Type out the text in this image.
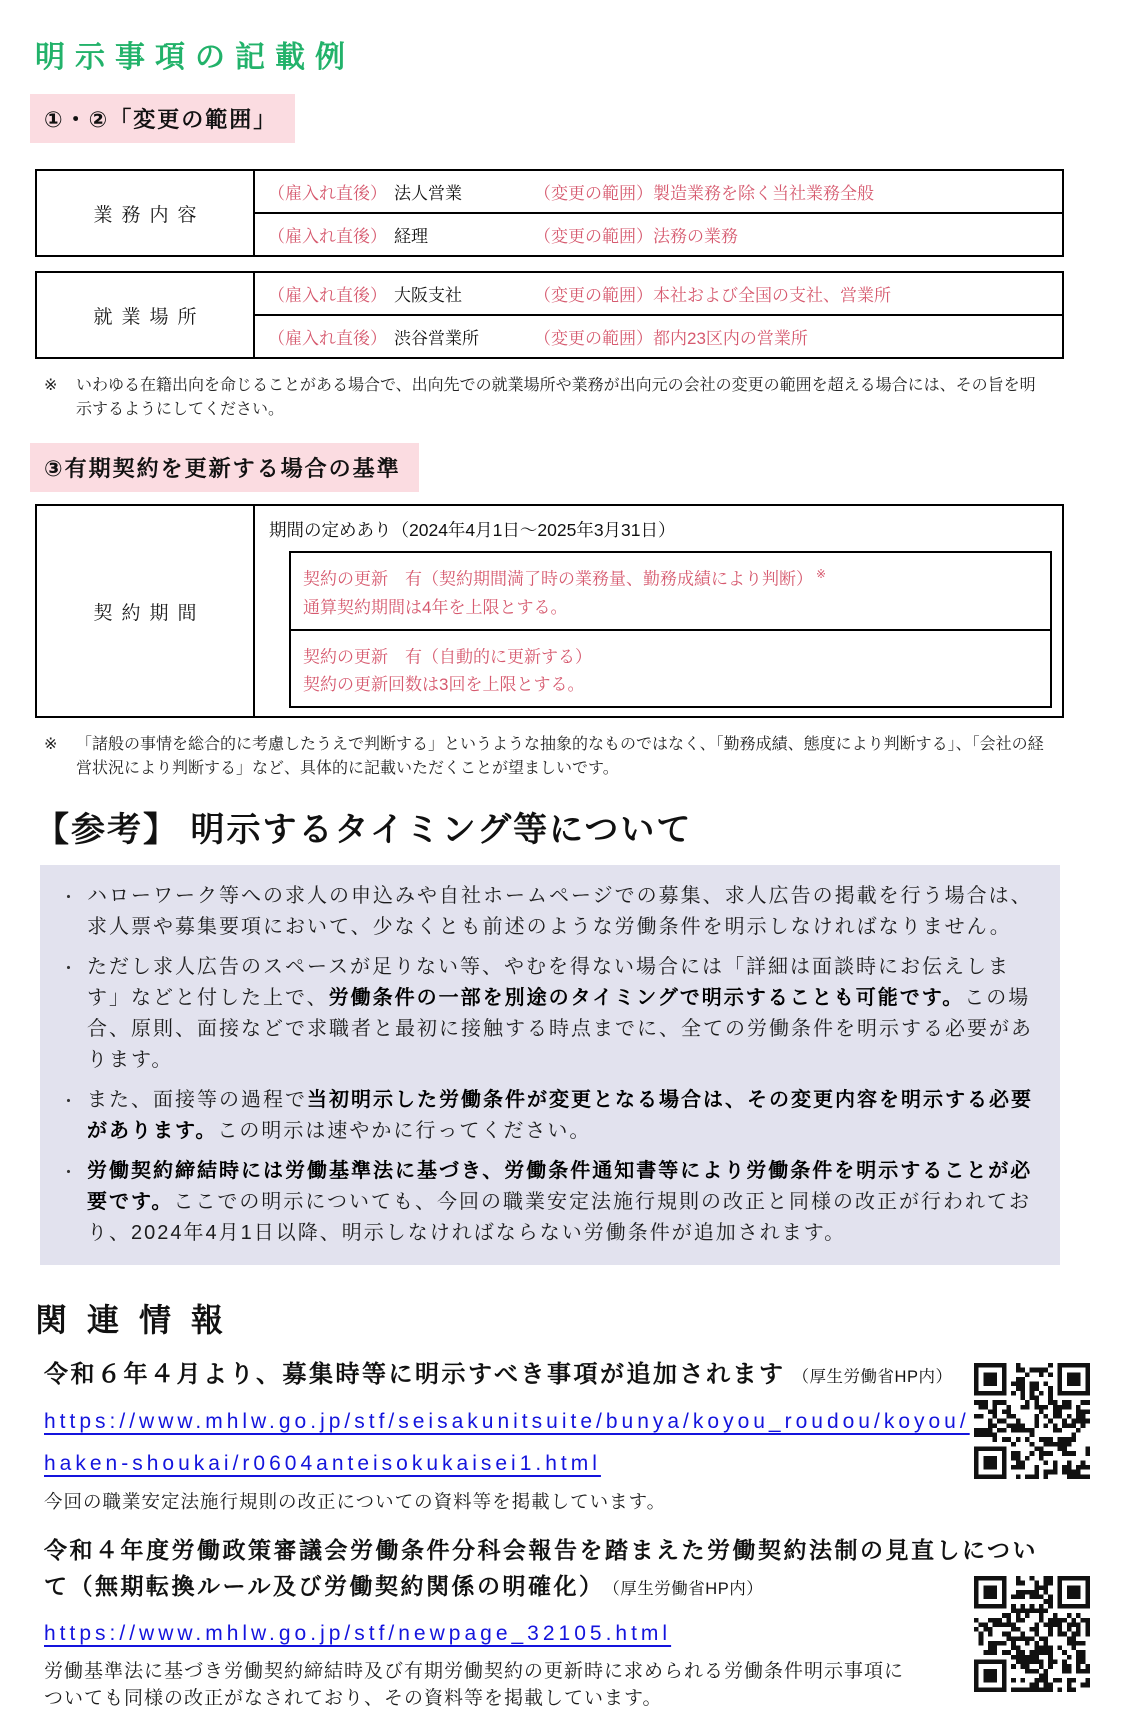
明示事項の記載例
①・②「変更の範囲」
業務内容
（雇入れ直後） 法人営業	（変更の範囲） 製造業務を除く当社業務全般
（雇入れ直後） 経理	（変更の範囲） 法務の業務
就業場所
（雇入れ直後） 大阪支社	（変更の範囲） 本社および全国の支社、営業所
（雇入れ直後） 渋谷営業所	（変更の範囲） 都内23区内の営業所
※	いわゆる在籍出向を命じることがある場合で、出向先での就業場所や業務が出向元の会社の変更の範囲を超える場合には、その旨を明示するようにしてください。

③有期契約を更新する場合の基準
契約期間
期間の定めあり（2024年4月1日～2025年3月31日）
契約の更新　有（契約期間満了時の業務量、勤務成績により判断） ※
通算契約期間は4年を上限とする。
契約の更新　有（自動的に更新する）
契約の更新回数は3回を上限とする。
※	「諸般の事情を総合的に考慮したうえで判断する」というような抽象的なものではなく、「勤務成績、態度により判断する」、「会社の経営状況により判断する」など、具体的に記載いただくことが望ましいです。

【参考】 明示するタイミング等について
・ ハローワーク等への求人の申込みや自社ホームページでの募集、求人広告の掲載を行う場合は、求人票や募集要項において、少なくとも前述のような労働条件を明示しなければなりません。

・ ただし求人広告のスペースが足りない等、やむを得ない場合には「詳細は面談時にお伝えします」などと付した上で、労働条件の一部を別途のタイミングで明示することも可能です。この場合、原則、面接などで求職者と最初に接触する時点までに、全ての労働条件を明示する必要があります。

・ また、面接等の過程で当初明示した労働条件が変更となる場合は、その変更内容を明示する必要があります。この明示は速やかに行ってください。

・ 労働契約締結時には労働基準法に基づき、労働条件通知書等により労働条件を明示することが必要です。ここでの明示についても、今回の職業安定法施行規則の改正と同様の改正が行われており、2024年4月1日以降、明示しなければならない労働条件が追加されます。

関連情報
令和６年４月より、募集時等に明示すべき事項が追加されます （厚生労働省HP内）
https://www.mhlw.go.jp/stf/seisakunitsuite/bunya/koyou_roudou/koyou/haken-shoukai/r0604anteisokukaisei1.html
今回の職業安定法施行規則の改正についての資料等を掲載しています。
令和４年度労働政策審議会労働条件分科会報告を踏まえた労働契約法制の見直しについて（無期転換ルール及び労働契約関係の明確化） （厚生労働省HP内）
https://www.mhlw.go.jp/stf/newpage_32105.html
労働基準法に基づき労働契約締結時及び有期労働契約の更新時に求められる労働条件明示事項についても同様の改正がなされており、その資料等を掲載しています。
